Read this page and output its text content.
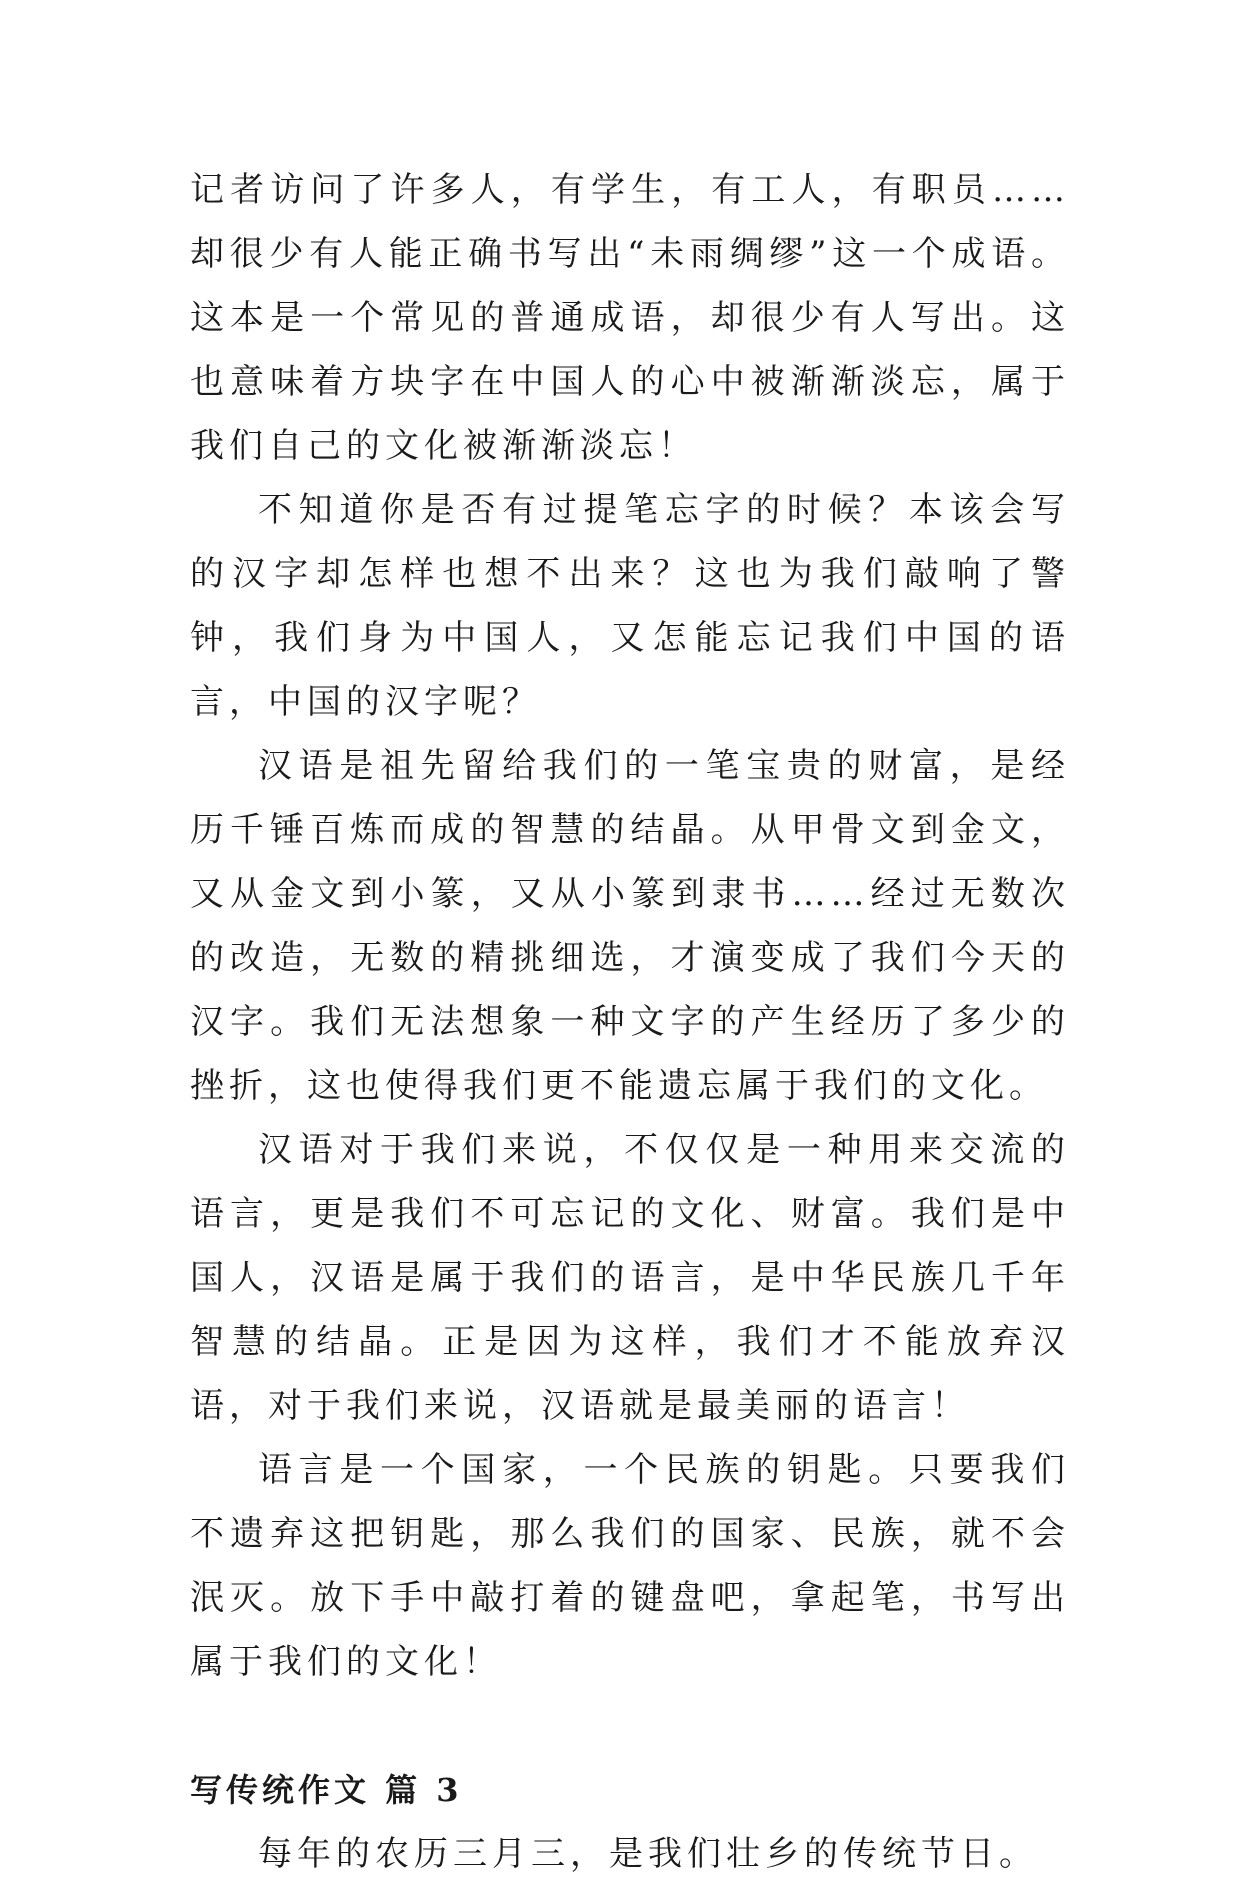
记者访问了许多人，有学生，有工人，有职员……却很少有人能正确书写出“未雨绸缪”这一个成语。这本是一个常见的普通成语，却很少有人写出。这也意味着方块字在中国人的心中被渐渐淡忘，属于我们自己的文化被渐渐淡忘！

不知道你是否有过提笔忘字的时候？本该会写的汉字却怎样也想不出来？这也为我们敲响了警钟，我们身为中国人，又怎能忘记我们中国的语言，中国的汉字呢？

汉语是祖先留给我们的一笔宝贵的财富，是经历千锤百炼而成的智慧的结晶。从甲骨文到金文，又从金文到小篆，又从小篆到隶书……经过无数次的改造，无数的精挑细选，才演变成了我们今天的汉字。我们无法想象一种文字的产生经历了多少的挫折，这也使得我们更不能遗忘属于我们的文化。

汉语对于我们来说，不仅仅是一种用来交流的语言，更是我们不可忘记的文化、财富。我们是中国人，汉语是属于我们的语言，是中华民族几千年智慧的结晶。正是因为这样，我们才不能放弃汉语，对于我们来说，汉语就是最美丽的语言！

语言是一个国家，一个民族的钥匙。只要我们不遗弃这把钥匙，那么我们的国家、民族，就不会泯灭。放下手中敲打着的键盘吧，拿起笔，书写出属于我们的文化！

写传统作文 篇 3

每年的农历三月三，是我们壮乡的传统节日。
